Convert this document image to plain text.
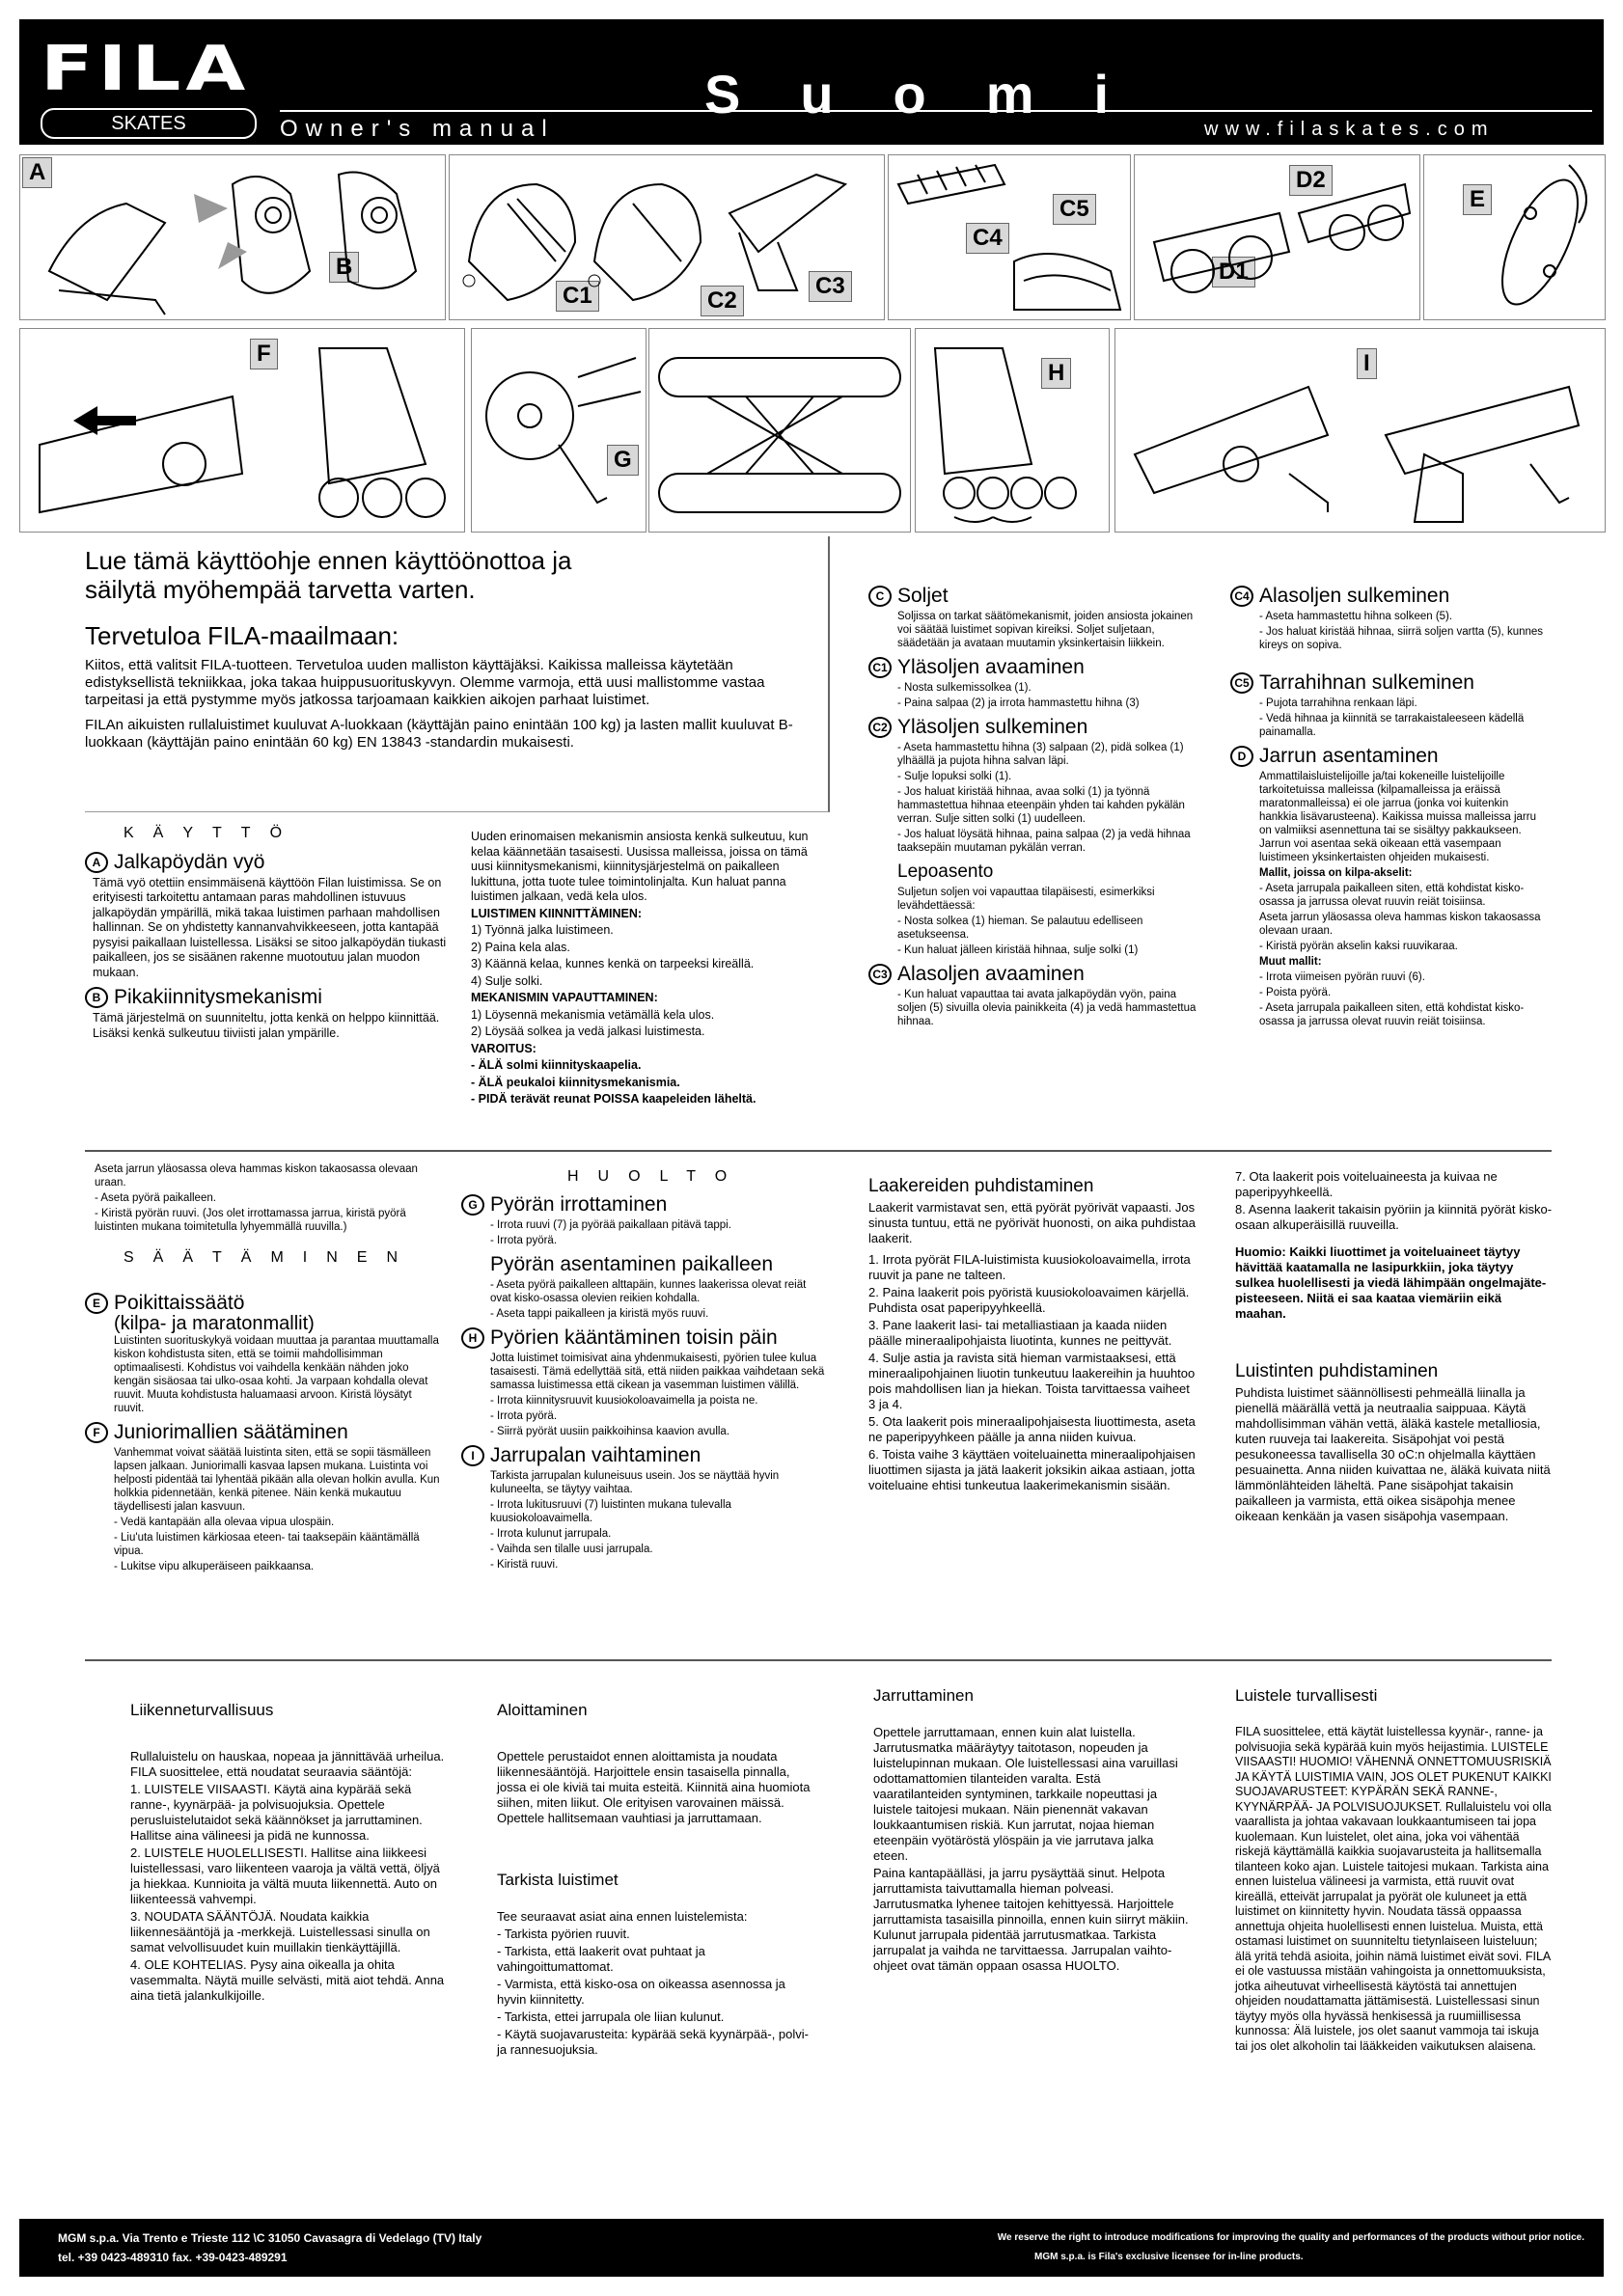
FILA
SKATES	Owner's manual
Suomi
www.filaskates.com
A
B
C1	C2
C3
C4
C5
D1
D2
E
F
G
H	I
Lue tämä käyttöohje ennen käyttöönottoa ja säilytä myöhempää tarvetta varten.
Tervetuloa FILA-maailmaan:
Kiitos, että valitsit FILA-tuotteen. Tervetuloa uuden malliston käyttäjäksi. Kaikissa malleissa käytetään edistyksellistä tekniikkaa, joka takaa huippusuorituskyvyn. Olemme varmoja, että uusi mallistomme vastaa tarpeitasi ja että pystymme myös jatkossa tarjoamaan kaikkien aikojen parhaat luistimet.
FILAn aikuisten rullaluistimet kuuluvat A-luokkaan (käyttäjän paino enintään 100 kg) ja lasten mallit kuuluvat B-luokkaan (käyttäjän paino enintään 60 kg) EN 13843 -standardin mukaisesti.
KÄYTTÖ
A Jalkapöydän vyö

Tämä vyö otettiin ensimmäisenä käyttöön Filan luistimissa. Se on erityisesti tarkoitettu antamaan paras mahdollinen istuvuus jalkapöydän ympärillä, mikä takaa luistimen parhaan mahdollisen hallinnan. Se on yhdistetty kannanvahvikkeeseen, jotta kantapää pysyisi paikallaan luistellessa. Lisäksi se sitoo jalkapöydän tiukasti paikalleen, jos se sisäänen rakenne muotoutuu jalan muodon mukaan.

B Pikakiinnitysmekanismi

Tämä järjestelmä on suunniteltu, jotta kenkä on helppo kiinnittää. Lisäksi kenkä sulkeutuu tiiviisti jalan ympärille.

Uuden erinomaisen mekanismin ansiosta kenkä sulkeutuu, kun kelaa käännetään tasaisesti. Uusissa malleissa, joissa on tämä uusi kiinnitysmekanismi, kiinnitysjärjestelmä on paikalleen lukittuna, jotta tuote tulee toimintolinjalta. Kun haluat panna luistimen jalkaan, vedä kela ulos.

LUISTIMEN KIINNITTÄMINEN:

1) Työnnä jalka luistimeen.

2) Paina kela alas.

3) Käännä kelaa, kunnes kenkä on tarpeeksi kireällä.

4) Sulje solki.

MEKANISMIN VAPAUTTAMINEN:

1) Löysennä mekanismia vetämällä kela ulos.

2) Löysää solkea ja vedä jalkasi luistimesta.

VAROITUS:

- ÄLÄ solmi kiinnityskaapelia.

- ÄLÄ peukaloi kiinnitysmekanismia.

- PIDÄ terävät reunat POISSA kaapeleiden läheltä.

C Soljet

Soljissa on tarkat säätömekanismit, joiden ansiosta jokainen voi säätää luistimet sopivan kireiksi. Soljet suljetaan, säädetään ja avataan muutamin yksinkertaisin liikkein.

C1 Yläsoljen avaaminen

- Nosta sulkemissolkea (1).

- Paina salpaa (2) ja irrota hammastettu hihna (3)

C2 Yläsoljen sulkeminen

- Aseta hammastettu hihna (3) salpaan (2), pidä solkea (1) ylhäällä ja pujota hihna salvan läpi.

- Sulje lopuksi solki (1).

- Jos haluat kiristää hihnaa, avaa solki (1) ja työnnä hammastettua hihnaa eteenpäin yhden tai kahden pykälän verran. Sulje sitten solki (1) uudelleen.

- Jos haluat löysätä hihnaa, paina salpaa (2) ja vedä hihnaa taaksepäin muutaman pykälän verran.

Lepoasento

Suljetun soljen voi vapauttaa tilapäisesti, esimerkiksi levähdettäessä:

- Nosta solkea (1) hieman. Se palautuu edelliseen asetukseensa.

- Kun haluat jälleen kiristää hihnaa, sulje solki (1)

C3 Alasoljen avaaminen

- Kun haluat vapauttaa tai avata jalkapöydän vyön, paina soljen (5) sivuilla olevia painikkeita (4) ja vedä hammastettua hihnaa.

C4 Alasoljen sulkeminen

- Aseta hammastettu hihna solkeen (5).

- Jos haluat kiristää hihnaa, siirrä soljen vartta (5), kunnes kireys on sopiva.

C5 Tarrahihnan sulkeminen

- Pujota tarrahihna renkaan läpi.

- Vedä hihnaa ja kiinnitä se tarrakaistaleeseen kädellä painamalla.

D Jarrun asentaminen

Ammattilaisluistelijoille ja/tai kokeneille luistelijoille tarkoitetuissa malleissa (kilpamalleissa ja eräissä maratonmalleissa) ei ole jarrua (jonka voi kuitenkin hankkia lisävarusteena). Kaikissa muissa malleissa jarru on valmiiksi asennettuna tai se sisältyy pakkaukseen. Jarrun voi asentaa sekä oikeaan että vasempaan luistimeen yksinkertaisten ohjeiden mukaisesti.

Mallit, joissa on kilpa-akselit:

- Aseta jarrupala paikalleen siten, että kohdistat kisko-osassa ja jarrussa olevat ruuvin reiät toisiinsa.

Aseta jarrun yläosassa oleva hammas kiskon takaosassa olevaan uraan.

- Kiristä pyörän akselin kaksi ruuvikaraa.

Muut mallit:

- Irrota viimeisen pyörän ruuvi (6).

- Poista pyörä.

- Aseta jarrupala paikalleen siten, että kohdistat kisko-osassa ja jarrussa olevat ruuvin reiät toisiinsa.

Aseta jarrun yläosassa oleva hammas kiskon takaosassa olevaan uraan.

- Aseta pyörä paikalleen.

- Kiristä pyörän ruuvi. (Jos olet irrottamassa jarrua, kiristä pyörä luistinten mukana toimitetulla lyhyemmällä ruuvilla.)

SÄÄTÄMINEN
E Poikittaissäätö
(kilpa- ja maratonmallit)

Luistinten suorituskykyä voidaan muuttaa ja parantaa muuttamalla kiskon kohdistusta siten, että se toimii mahdollisimman optimaalisesti. Kohdistus voi vaihdella kenkään nähden joko kengän sisäosaa tai ulko-osaa kohti. Ja varpaan kohdalla olevat ruuvit. Muuta kohdistusta haluamaasi arvoon. Kiristä löysätyt ruuvit.

F Juniorimallien säätäminen

Vanhemmat voivat säätää luistinta siten, että se sopii täsmälleen lapsen jalkaan. Juniorimalli kasvaa lapsen mukana. Luistinta voi helposti pidentää tai lyhentää pikään alla olevan holkin avulla. Kun holkkia pidennetään, kenkä pitenee. Näin kenkä mukautuu täydellisesti jalan kasvuun.

- Vedä kantapään alla olevaa vipua ulospäin.

- Liu'uta luistimen kärkiosaa eteen- tai taaksepäin kääntämällä vipua.

- Lukitse vipu alkuperäiseen paikkaansa.

HUOLTO
G Pyörän irrottaminen

- Irrota ruuvi (7) ja pyörää paikallaan pitävä tappi.

- Irrota pyörä.

Pyörän asentaminen paikalleen

- Aseta pyörä paikalleen alttapäin, kunnes laakerissa olevat reiät ovat kisko-osassa olevien reikien kohdalla.

- Aseta tappi paikalleen ja kiristä myös ruuvi.

H Pyörien kääntäminen toisin päin

Jotta luistimet toimisivat aina yhdenmukaisesti, pyörien tulee kulua tasaisesti. Tämä edellyttää sitä, että niiden paikkaa vaihdetaan sekä samassa luistimessa että cikean ja vasemman luistimen välillä.

- Irrota kiinnitysruuvit kuusiokoloavaimella ja poista ne.

- Irrota pyörä.

- Siirrä pyörät uusiin paikkoihinsa kaavion avulla.

I Jarrupalan vaihtaminen

Tarkista jarrupalan kuluneisuus usein. Jos se näyttää hyvin kuluneelta, se täytyy vaihtaa.

- Irrota lukitusruuvi (7) luistinten mukana tulevalla kuusiokoloavaimella.

- Irrota kulunut jarrupala.

- Vaihda sen tilalle uusi jarrupala.

- Kiristä ruuvi.

Laakereiden puhdistaminen

Laakerit varmistavat sen, että pyörät pyörivät vapaasti. Jos sinusta tuntuu, että ne pyörivät huonosti, on aika puhdistaa laakerit.

1. Irrota pyörät FILA-luistimista kuusiokoloavaimella, irrota ruuvit ja pane ne talteen.

2. Paina laakerit pois pyöristä kuusiokoloavaimen kärjellä. Puhdista osat paperipyyhkeellä.

3. Pane laakerit lasi- tai metalliastiaan ja kaada niiden päälle mineraalipohjaista liuotinta, kunnes ne peittyvät.

4. Sulje astia ja ravista sitä hieman varmistaaksesi, että mineraalipohjainen liuotin tunkeutuu laakereihin ja huuhtoo pois mahdollisen lian ja hiekan. Toista tarvittaessa vaiheet 3 ja 4.

5. Ota laakerit pois mineraalipohjaisesta liuottimesta, aseta ne paperipyyhkeen päälle ja anna niiden kuivua.

6. Toista vaihe 3 käyttäen voiteluainetta mineraalipohjaisen liuottimen sijasta ja jätä laakerit joksikin aikaa astiaan, jotta voiteluaine ehtisi tunkeutua laakerimekanismin sisään.

7. Ota laakerit pois voiteluaineesta ja kuivaa ne paperipyyhkeellä.

8. Asenna laakerit takaisin pyöriin ja kiinnitä pyörät kisko-osaan alkuperäisillä ruuveilla.

Huomio: Kaikki liuottimet ja voiteluaineet täytyy hävittää kaatamalla ne lasipurkkiin, joka täytyy sulkea huolellisesti ja viedä lähimpään ongelmajätepisteeseen. Niitä ei saa kaataa viemäriin eikä maahan.

Luistinten puhdistaminen

Puhdista luistimet säännöllisesti pehmeällä liinalla ja pienellä määrällä vettä ja neutraalia saippuaa. Käytä mahdollisimman vähän vettä, äläkä kastele metalliosia, kuten ruuveja tai laakereita. Sisäpohjat voi pestä pesukoneessa tavallisella 30 oC:n ohjelmalla käyttäen pesuainetta. Anna niiden kuivattaa ne, äläkä kuivata niitä lämmönlähteiden läheltä. Pane sisäpohjat takaisin paikalleen ja varmista, että oikea sisäpohja menee oikeaan kenkään ja vasen sisäpohja vasempaan.

Liikenneturvallisuus

Rullaluistelu on hauskaa, nopeaa ja jännittävää urheilua. FILA suosittelee, että noudatat seuraavia sääntöjä:

1. LUISTELE VIISAASTI. Käytä aina kypärää sekä ranne-, kyynärpää- ja polvisuojuksia. Opettele perusluistelutaidot sekä käännökset ja jarruttaminen. Hallitse aina välineesi ja pidä ne kunnossa.

2. LUISTELE HUOLELLISESTI. Hallitse aina liikkeesi luistellessasi, varo liikenteen vaaroja ja vältä vettä, öljyä ja hiekkaa. Kunnioita ja vältä muuta liikennettä. Auto on liikenteessä vahvempi.

3. NOUDATA SÄÄNTÖJÄ. Noudata kaikkia liikennesääntöjä ja -merkkejä. Luistellessasi sinulla on samat velvollisuudet kuin muillakin tienkäyttäjillä.

4. OLE KOHTELIAS. Pysy aina oikealla ja ohita vasemmalta. Näytä muille selvästi, mitä aiot tehdä. Anna aina tietä jalankulkijoille.

Aloittaminen

Opettele perustaidot ennen aloittamista ja noudata liikennesääntöjä. Harjoittele ensin tasaisella pinnalla, jossa ei ole kiviä tai muita esteitä. Kiinnitä aina huomiota siihen, miten liikut. Ole erityisen varovainen mäissä. Opettele hallitsemaan vauhtiasi ja jarruttamaan.

Tarkista luistimet

Tee seuraavat asiat aina ennen luistelemista:

- Tarkista pyörien ruuvit.

- Tarkista, että laakerit ovat puhtaat ja vahingoittumattomat.

- Varmista, että kisko-osa on oikeassa asennossa ja hyvin kiinnitetty.

- Tarkista, ettei jarrupala ole liian kulunut.

- Käytä suojavarusteita: kypärää sekä kyynärpää-, polvi- ja rannesuojuksia.

Jarruttaminen

Opettele jarruttamaan, ennen kuin alat luistella. Jarrutusmatka määräytyy taitotason, nopeuden ja luistelupinnan mukaan. Ole luistellessasi aina varuillasi odottamattomien tilanteiden varalta. Estä vaaratilanteiden syntyminen, tarkkaile nopeuttasi ja luistele taitojesi mukaan. Näin pienennät vakavan loukkaantumisen riskiä. Kun jarrutat, nojaa hieman eteenpäin vyötäröstä ylöspäin ja vie jarrutava jalka eteen.

Paina kantapäälläsi, ja jarru pysäyttää sinut. Helpota jarruttamista taivuttamalla hieman polveasi. Jarrutusmatka lyhenee taitojen kehittyessä. Harjoittele jarruttamista tasaisilla pinnoilla, ennen kuin siirryt mäkiin. Kulunut jarrupala pidentää jarrutusmatkaa. Tarkista jarrupalat ja vaihda ne tarvittaessa. Jarrupalan vaihto-ohjeet ovat tämän oppaan osassa HUOLTO.

Luistele turvallisesti

FILA suosittelee, että käytät luistellessa kyynär-, ranne- ja polvisuojia sekä kypärää kuin myös heijastimia. LUISTELE VIISAASTI! HUOMIO! VÄHENNÄ ONNETTOMUUSRISKIÄ JA KÄYTÄ LUISTIMIA VAIN, JOS OLET PUKENUT KAIKKI SUOJAVARUSTEET: KYPÄRÄN SEKÄ RANNE-, KYYNÄRPÄÄ- JA POLVISUOJUKSET. Rullaluistelu voi olla vaarallista ja johtaa vakavaan loukkaantumiseen tai jopa kuolemaan. Kun luistelet, olet aina, joka voi vähentää riskejä käyttämällä kaikkia suojavarusteita ja hallitsemalla tilanteen koko ajan. Luistele taitojesi mukaan. Tarkista aina ennen luistelua välineesi ja varmista, että ruuvit ovat kireällä, etteivät jarrupalat ja pyörät ole kuluneet ja että luistimet on kiinnitetty hyvin. Noudata tässä oppaassa annettuja ohjeita huolellisesti ennen luistelua. Muista, että ostamasi luistimet on suunniteltu tietynlaiseen luisteluun; älä yritä tehdä asioita, joihin nämä luistimet eivät sovi. FILA ei ole vastuussa mistään vahingoista ja onnettomuuksista, jotka aiheutuvat virheellisestä käytöstä tai annettujen ohjeiden noudattamatta jättämisestä. Luistellessasi sinun täytyy myös olla hyvässä henkisessä ja ruumiillisessa kunnossa: Älä luistele, jos olet saanut vammoja tai iskuja tai jos olet alkoholin tai lääkkeiden vaikutuksen alaisena.

MGM s.p.a. Via Trento e Trieste 112 \C 31050 Cavasagra di Vedelago (TV) Italy
tel. +39 0423-489310 fax. +39-0423-489291
We reserve the right to introduce modifications for improving the quality and performances of the products without prior notice.
MGM s.p.a. is Fila's exclusive licensee for in-line products.
